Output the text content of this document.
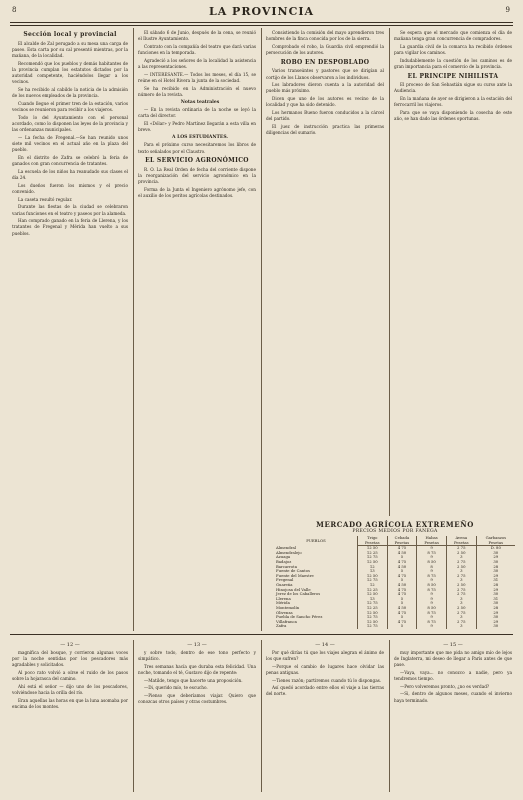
8	LA PROVINCIA	9

Sección local y provincial

El alcalde de Zal perugado a su mesa una carga de paseo. Esta carta por su cal presentó mientras, por la mañana, de la localidad.

Recomendó que los pueblos y demás habitantes de la provincia cumplan los estatutos dictados por la autoridad competente, haciéndolos llegar a los vecinos.

Se ha recibido al cabildo la noticia de la admisión de los nuevos empleados de la provincia.

Cuando llegue el primer tren de la estación, varios vecinos se reunieron para recibir a los viajeros.

Todo lo del Ayuntamiento con el personal acordado, como lo disponen las leyes de la provincia y las ordenanzas municipales.

— La fecha de Fregenal.—Se han reunido unos siete mil vecinos en el actual año en la plaza del pueblo.

En el distrito de Zafra se celebró la feria de ganados con gran concurrencia de tratantes.

La escuela de los niños ha reanudado sus clases el día 24.

Los dueños fueron los mismos y el precio convenido.

La caseta resultó regular.

Durante las fiestas de la ciudad se celebraron varias funciones en el teatro y paseos por la alameda.

Han comprado ganado en la feria de Llerena, y los tratantes de Fregenal y Mérida han vuelto a sus pueblos.

El sábado 6 de Junio, después de la cena, se reunió el Ilustre Ayuntamiento.

Contrato con la compañía del teatro que dará varias funciones en la temporada.

Agradeció a los señores de la localidad la asistencia a las representaciones.

— INTERESANTE.— Todos los meses, el día 15, se reúne en el Hotel Rivera la junta de la sociedad.

Se ha recibido en la Administración el nuevo número de la revista.

Notas teatrales

— En la revista ordinaria de la noche se leyó la carta del director.

El «Dólar» y Pedro Martínez llegarán a esta villa en breve.

A LOS ESTUDIANTES.

Para el próximo curso necesitaremos los libros de texto señalados por el Claustro.

EL SERVICIO AGRONÓMICO

R. O. La Real Orden de fecha del corriente dispone la reorganización del servicio agronómico en la provincia.

Forma de la Junta el Ingeniero agrónomo jefe, con el auxilio de los peritos agrícolas destinados.

Consistiendo la comisión del mayo aprendieron tres hombres de la finca conocida por los de la sierra.

Comprobado el robo, la Guardia civil emprendió la persecución de los autores.

ROBO EN DESPOBLADO

Varios transeúntes y pastores que se dirigían al cortijo de los Llanos observaron a los individuos.

Los labradores dieron cuenta a la autoridad del pueblo más próximo.

Dicen que uno de los autores es vecino de la localidad y que ha sido detenido.

Los hermanos Bueno fueron conducidos a la cárcel del partido.

El juez de instrucción practica las primeras diligencias del sumario.

Se espera que el mercado que comienza el día de mañana tenga gran concurrencia de compradores.

La guardia civil de la comarca ha recibido órdenes para vigilar los caminos.

Indudablemente la cuestión de los caminos es de gran importancia para el comercio de la provincia.

EL PRINCIPE NIHILISTA

El proceso de San Sebastián sigue su curso ante la Audiencia.

En la mañana de ayer se dirigieron a la estación del ferrocarril los viajeros.

Para que se vaya disponiendo la cosecha de este año, se han dado las órdenes oportunas.

MERCADO AGRÍCOLA EXTREMEÑO
PRECIOS MEDIOS POR FANEGA
PUEBLOS	Trigo	Cebada	Habas	Avena	Garbanzos
	Pesetas	Pesetas	Pesetas	Pesetas	Pesetas
Almendral	12 50	4 75	9	2 75	D. 80
Almendralejo	12 25	4 50	8 75	2 50	30
Azuaga	12 75	5	9	3	29
Badajoz	12 50	4 75	8 50	2 75	30
Barcarrota	12	4 50	8	2 50	28
Fuente de Cantos	13	5	9	3	30
Fuente del Maestre	12 50	4 75	8 75	2 75	29
Fregenal	12 75	5	9	3	31
Guareña	12	4 50	8 50	2 50	28
Hinojosa del Valle	12 25	4 75	8 75	2 75	29
Jerez de los Caballeros	12 50	4 75	9	2 75	30
Llerena	13	5	9	3	31
Mérida	12 75	5	9	3	30
Montemolín	12 25	4 50	8 50	2 50	28
Olivenza	12 50	4 75	8 75	2 75	29
Puebla de Sancho Pérez	12 75	5	9	3	30
Villafranca	12 50	4 75	8 75	2 75	29
Zafra	12 75	5	9	3	30

— 12 —

magnífica del bosque, y corrieron algunas voces por la noche sentidas por los pescadores más agradables y solicitados.

Al poco rato volvió a oírse el ruido de los pasos sobre la hojarasca del camino.

Ahí está el señor — dijo uno de los pescadores, volviéndose hacia la orilla del río.

Eran aquellas las horas en que la luna asomaba por encima de los montes.

— 13 —

y sobre todo, dentro de ese tono perfecto y simpático.

Tres semanas hacía que duraba esta felicidad. Una noche, tomando el té, Gustavo dijo de repente:

—Matilde, tengo que hacerte una proposición.

—Di, querido mío, te escucho.

—Pienso que deberíamos viajar. Quiero que conozcas otros países y otras costumbres.

— 14 —

Por qué dirías tú que los viajes alegran el ánimo de los que sufren?

—Porque el cambio de lugares hace olvidar las penas antiguas.

—Tienes razón; partiremos cuando tú lo dispongas.

Así quedó acordado entre ellos el viaje a las tierras del norte.

— 15 —

muy importante que me pida no amigo mío de lejos de Inglaterra, mi deseo de llegar a París antes de que pase.

—Vaya, vaya... no conozco a nadie, pero ya tendremos tiempo.

—Pero volveremos pronto, ¿no es verdad?

—Si, dentro de algunos meses, cuando el invierno haya terminado.
